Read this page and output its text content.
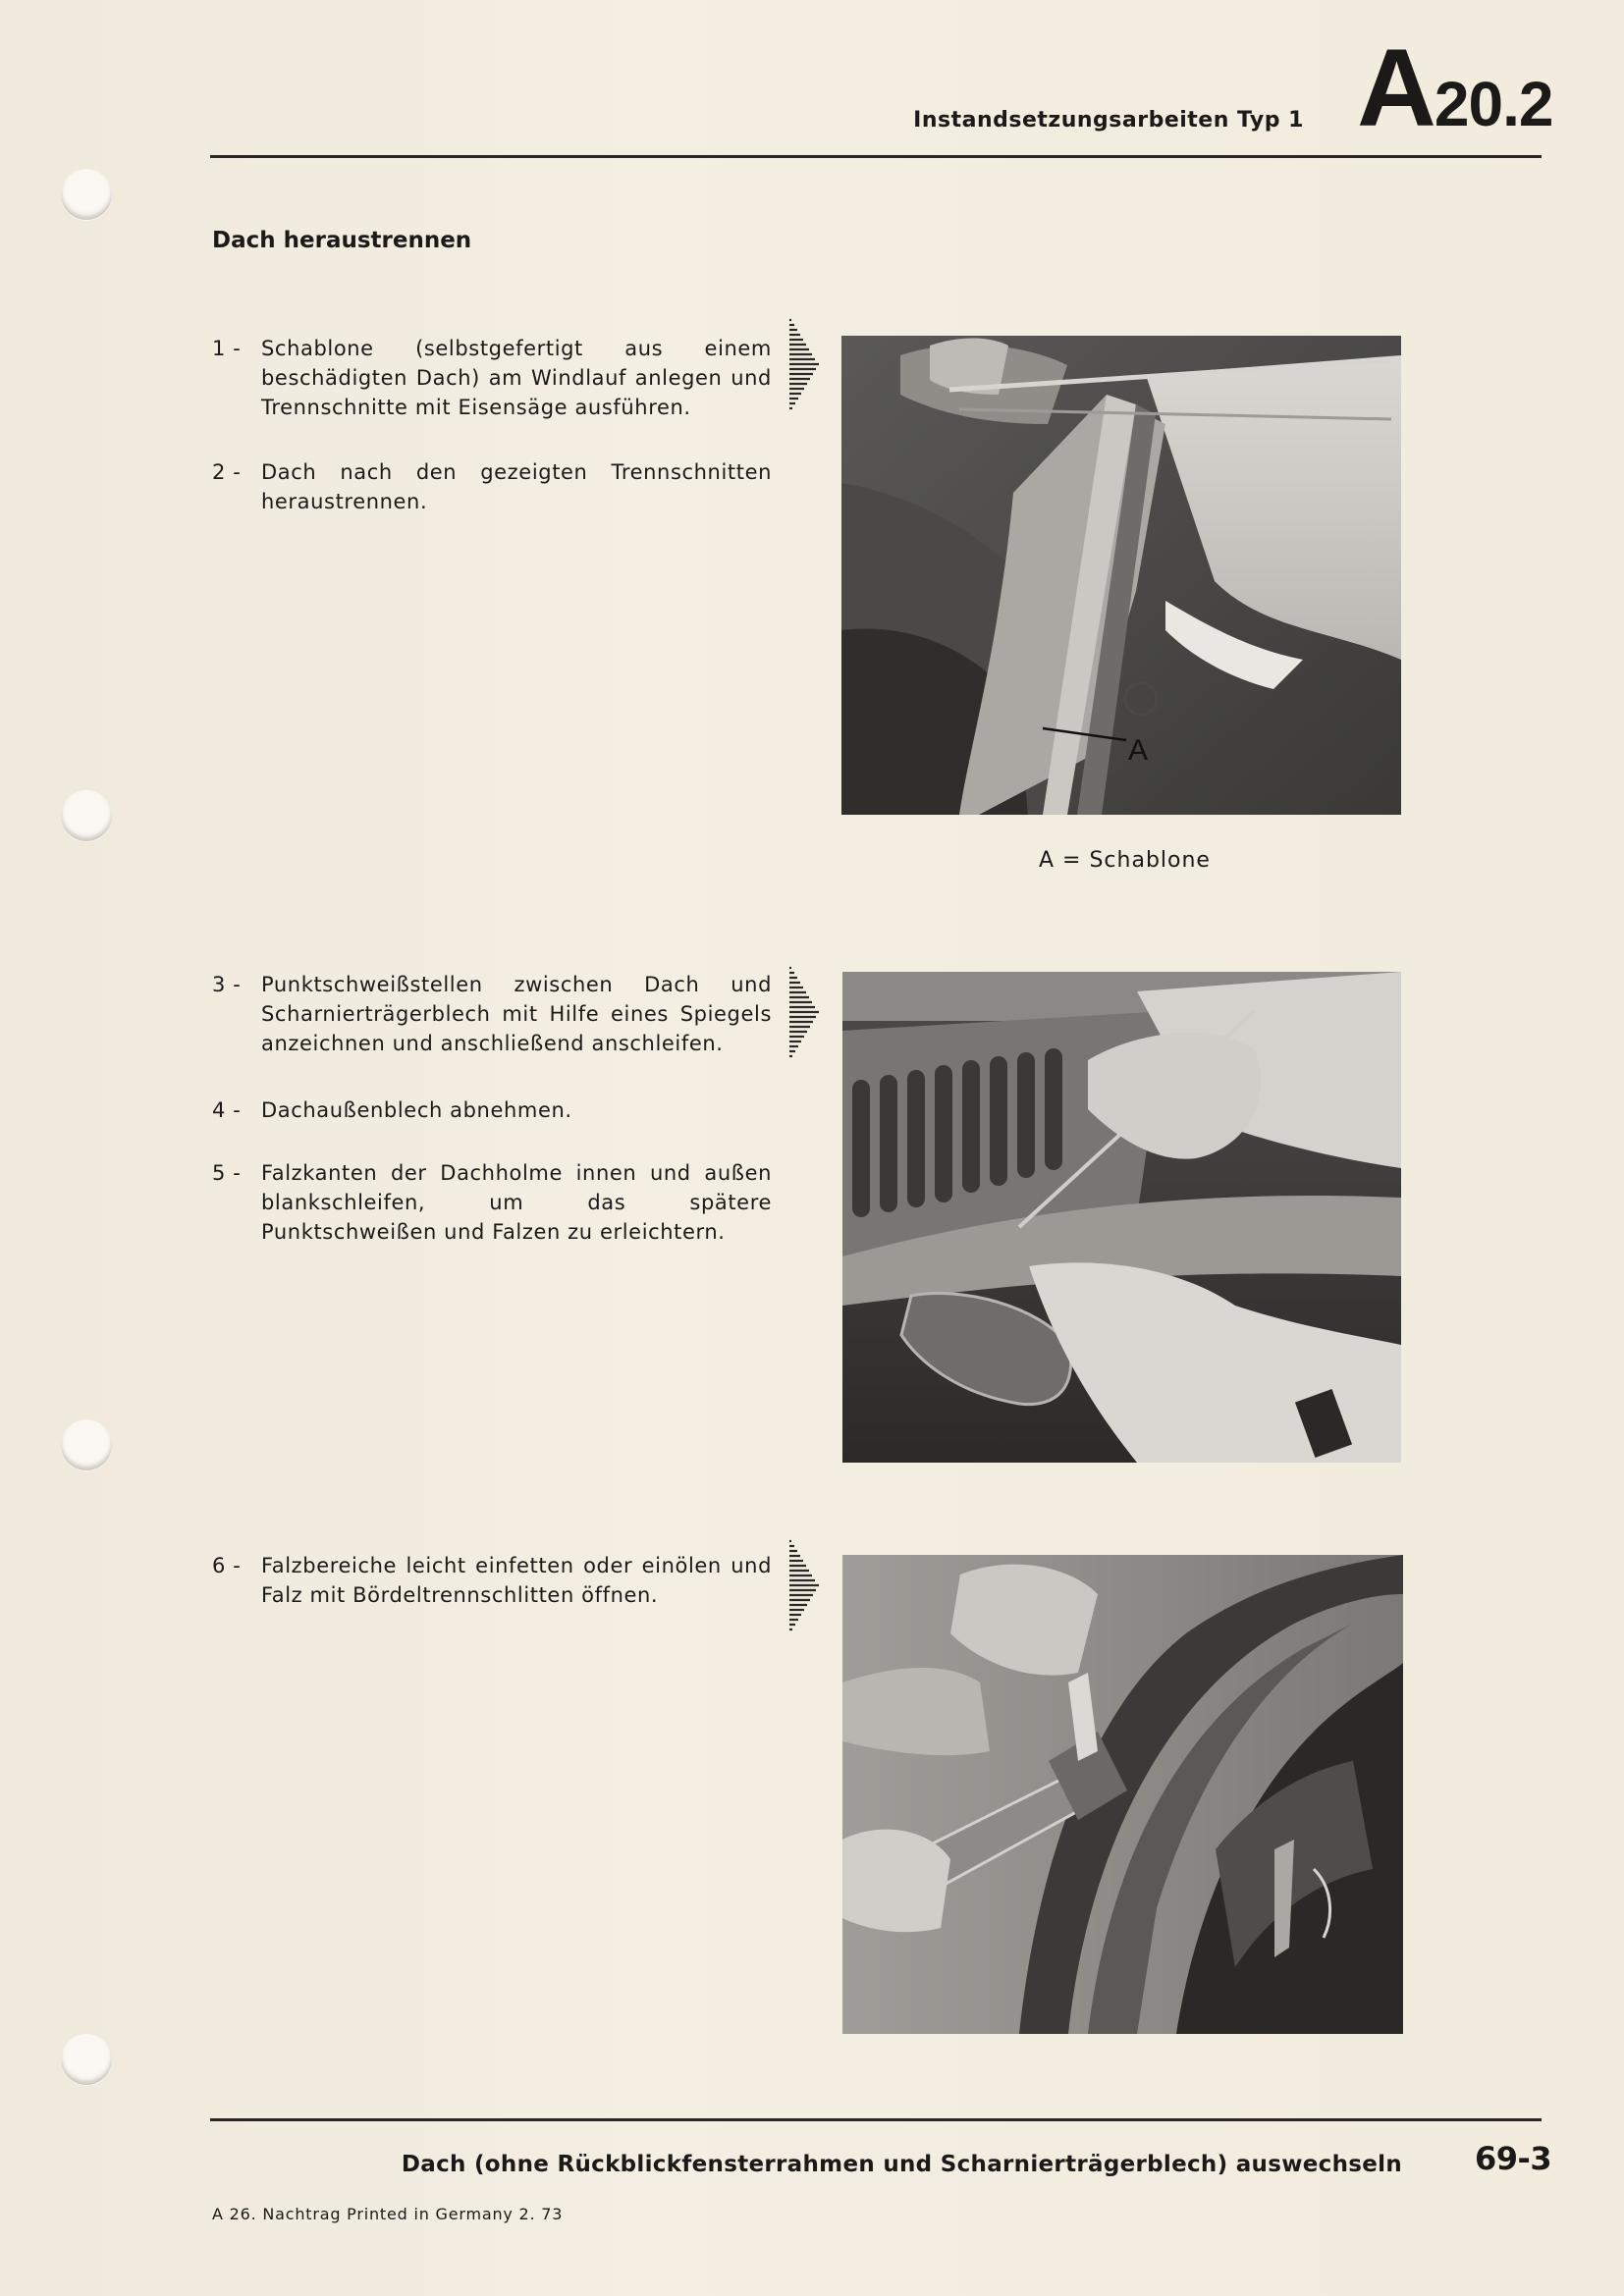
Instandsetzungsarbeiten Typ 1 A20.2
Dach heraustrennen
1 - Schablone (selbstgefertigt aus einem beschädigten Dach) am Windlauf anlegen und Trennschnitte mit Eisensäge ausführen.
2 - Dach nach den gezeigten Trennschnitten heraustrennen.
3 - Punktschweißstellen zwischen Dach und Scharnierträgerblech mit Hilfe eines Spiegels anzeichnen und anschließend anschleifen.
4 - Dachaußenblech abnehmen.
5 - Falzkanten der Dachholme innen und außen blankschleifen, um das spätere Punktschweißen und Falzen zu erleichtern.
6 - Falzbereiche leicht einfetten oder einölen und Falz mit Bördeltrennschlitten öffnen.
A
A = Schablone
Dach (ohne Rückblickfensterrahmen und Scharnierträgerblech) auswechseln 69-3
A 26. Nachtrag Printed in Germany 2. 73
